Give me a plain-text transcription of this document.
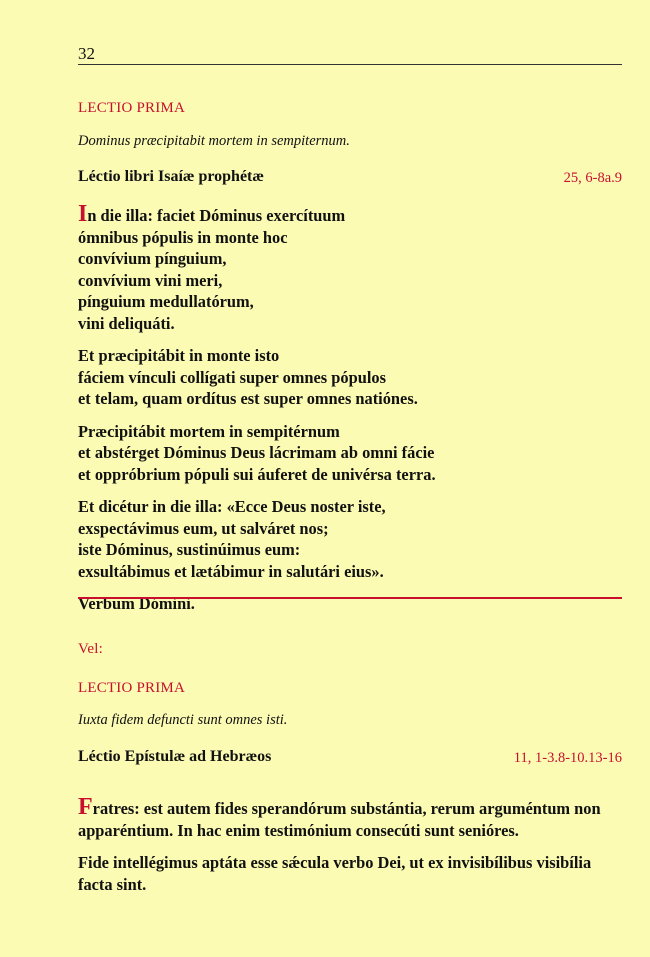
32
LECTIO PRIMA
Dominus præcipitabit mortem in sempiternum.
Léctio libri Isaíæ prophétæ	25, 6-8a.9

In die illa: faciet Dóminus exercítuum
ómnibus pópulis in monte hoc
convívium pínguium,
convívium vini meri,
pínguium medullatórum,
vini deliquáti.

Et præcipitábit in monte isto
fáciem vínculi collígati super omnes pópulos
et telam, quam ordítus est super omnes natiónes.

Præcipitábit mortem in sempitérnum
et abstérget Dóminus Deus lácrimam ab omni fácie
et oppróbrium pópuli sui áuferet de univérsa terra.

Et dicétur in die illa: «Ecce Deus noster iste,
exspectávimus eum, ut salváret nos;
iste Dóminus, sustinúimus eum:
exsultábimus et lætábimur in salutári eius».

Verbum Dómini.

Vel:
LECTIO PRIMA
Iuxta fidem defuncti sunt omnes isti.
Léctio Epístulæ ad Hebræos	11, 1-3.8-10.13-16

Fratres: est autem fides sperandórum substántia, rerum arguméntum non apparéntium. In hac enim testimónium consecúti sunt senióres.

Fide intellégimus aptáta esse sǽcula verbo Dei, ut ex invisibílibus visibília facta sint.
